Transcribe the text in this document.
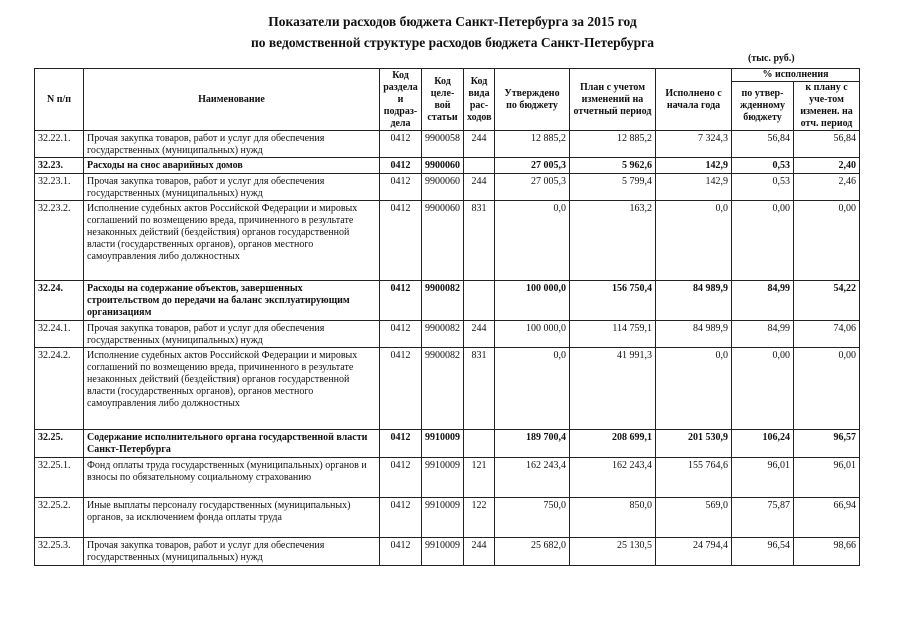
Показатели расходов бюджета Санкт-Петербурга за 2015 год
по ведомственной структуре расходов бюджета Санкт-Петербурга
(тыс. руб.)
N п/п	Наименование	Код раздела и подраз-дела	Код целе-вой статьи	Код вида рас-ходов	Утверждено по бюджету	План с учетом изменений на отчетный период	Исполнено с начала года	% исполнения	
								по утвер-жденному бюджету	к плану с уче-том изменен. на отч. период
32.22.1.	Прочая закупка товаров, работ и услуг для обеспечения государственных (муниципальных) нужд	0412	9900058	244	12 885,2	12 885,2	7 324,3	56,84	56,84
32.23.	Расходы на снос аварийных домов	0412	9900060		27 005,3	5 962,6	142,9	0,53	2,40
32.23.1.	Прочая закупка товаров, работ и услуг для обеспечения государственных (муниципальных) нужд	0412	9900060	244	27 005,3	5 799,4	142,9	0,53	2,46
32.23.2.	Исполнение судебных актов Российской Федерации и мировых соглашений по возмещению вреда, причиненного в результате незаконных действий (бездействия) органов государственной власти (государственных органов), органов местного самоуправления либо должностных	0412	9900060	831	0,0	163,2	0,0	0,00	0,00
32.24.	Расходы на содержание объектов, завершенных строительством до передачи на баланс эксплуатирующим организациям	0412	9900082		100 000,0	156 750,4	84 989,9	84,99	54,22
32.24.1.	Прочая закупка товаров, работ и услуг для обеспечения государственных (муниципальных) нужд	0412	9900082	244	100 000,0	114 759,1	84 989,9	84,99	74,06
32.24.2.	Исполнение судебных актов Российской Федерации и мировых соглашений по возмещению вреда, причиненного в результате незаконных действий (бездействия) органов государственной власти (государственных органов), органов местного самоуправления либо должностных	0412	9900082	831	0,0	41 991,3	0,0	0,00	0,00
32.25.	Содержание исполнительного органа государственной власти Санкт-Петербурга	0412	9910009		189 700,4	208 699,1	201 530,9	106,24	96,57
32.25.1.	Фонд оплаты труда государственных (муниципальных) органов и взносы по обязательному социальному страхованию	0412	9910009	121	162 243,4	162 243,4	155 764,6	96,01	96,01
32.25.2.	Иные выплаты персоналу государственных (муниципальных) органов, за исключением фонда оплаты труда	0412	9910009	122	750,0	850,0	569,0	75,87	66,94
32.25.3.	Прочая закупка товаров, работ и услуг для обеспечения государственных (муниципальных) нужд	0412	9910009	244	25 682,0	25 130,5	24 794,4	96,54	98,66
